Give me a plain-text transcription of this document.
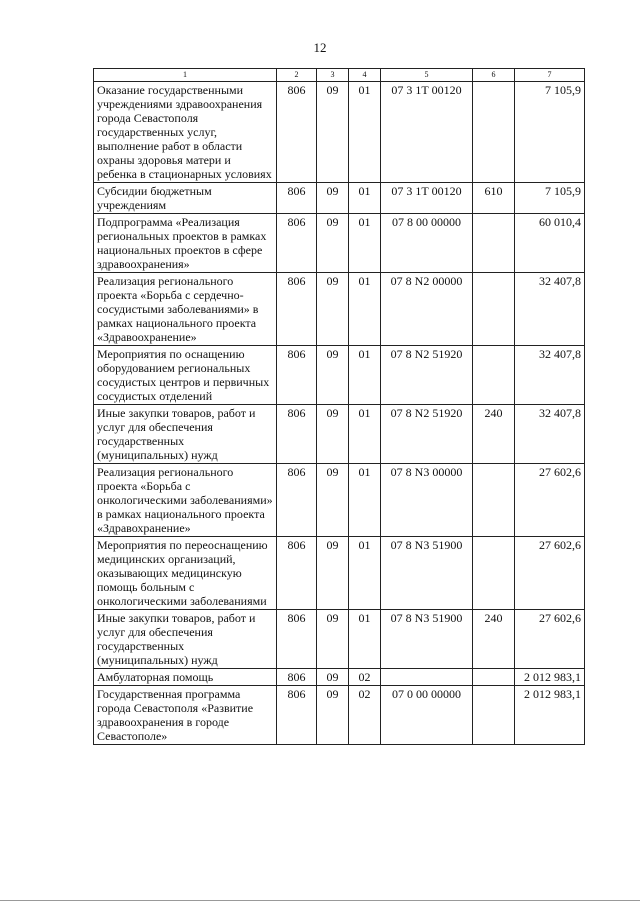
12
1	2	3	4	5	6	7
Оказание государственными учреждениями здравоохранения города Севастополя государственных услуг, выполнение работ в области охраны здоровья матери и ребенка в стационарных условиях	806	09	01	07 3 1Т 00120		7 105,9
Субсидии бюджетным учреждениям	806	09	01	07 3 1Т 00120	610	7 105,9
Подпрограмма «Реализация региональных проектов в рамках национальных проектов в сфере здравоохранения»	806	09	01	07 8 00 00000		60 010,4
Реализация регионального проекта «Борьба с сердечно-сосудистыми заболеваниями» в рамках национального проекта «Здравоохранение»	806	09	01	07 8 N2 00000		32 407,8
Мероприятия по оснащению оборудованием региональных сосудистых центров и первичных сосудистых отделений	806	09	01	07 8 N2 51920		32 407,8
Иные закупки товаров, работ и услуг для обеспечения государственных (муниципальных) нужд	806	09	01	07 8 N2 51920	240	32 407,8
Реализация регионального проекта «Борьба с онкологическими заболеваниями» в рамках национального проекта «Здравохранение»	806	09	01	07 8 N3 00000		27 602,6
Мероприятия по переоснащению медицинских организаций, оказывающих медицинскую помощь больным с онкологическими заболеваниями	806	09	01	07 8 N3 51900		27 602,6
Иные закупки товаров, работ и услуг для обеспечения государственных (муниципальных) нужд	806	09	01	07 8 N3 51900	240	27 602,6
Амбулаторная помощь	806	09	02			2 012 983,1
Государственная программа города Севастополя «Развитие здравоохранения в городе Севастополе»	806	09	02	07 0 00 00000		2 012 983,1
